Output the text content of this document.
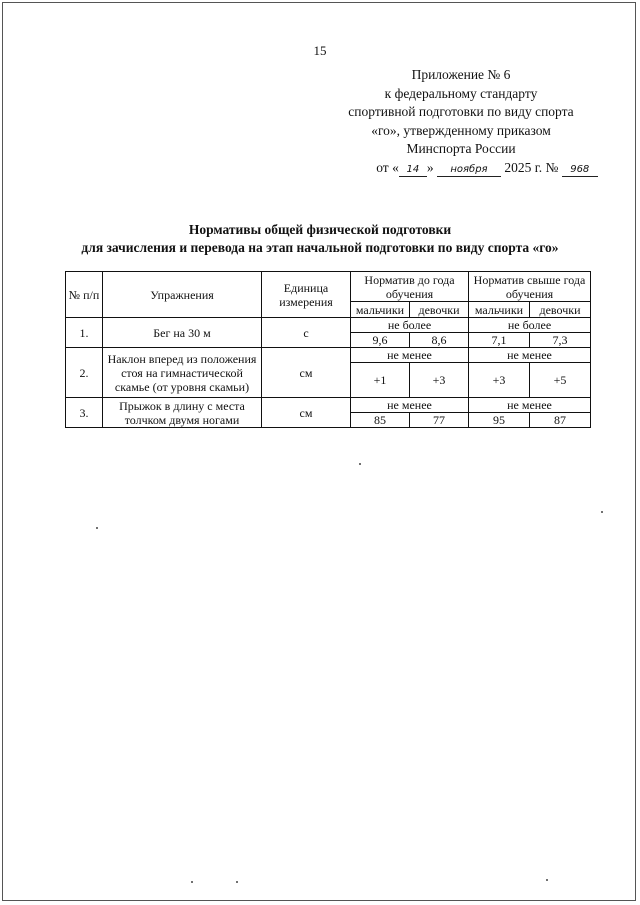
15
Приложение № 6
к федеральному стандарту
спортивной подготовки по виду спорта
«го», утвержденному приказом
Минспорта России
от « 14 » ноября 2025 г. № 968
Нормативы общей физической подготовки
для зачисления и перевода на этап начальной подготовки по виду спорта «го»
№ п/п	Упражнения	Единица измерения	Норматив до года обучения		Норматив свыше года обучения	
			мальчики	девочки	мальчики	девочки
1.	Бег на 30 м	с	не более		не более	
			9,6	8,6	7,1	7,3
2.	Наклон вперед из положения стоя на гимнастической скамье (от уровня скамьи)	см	не менее		не менее	
			+1	+3	+3	+5
3.	Прыжок в длину с места толчком двумя ногами	см	не менее		не менее	
			85	77	95	87
